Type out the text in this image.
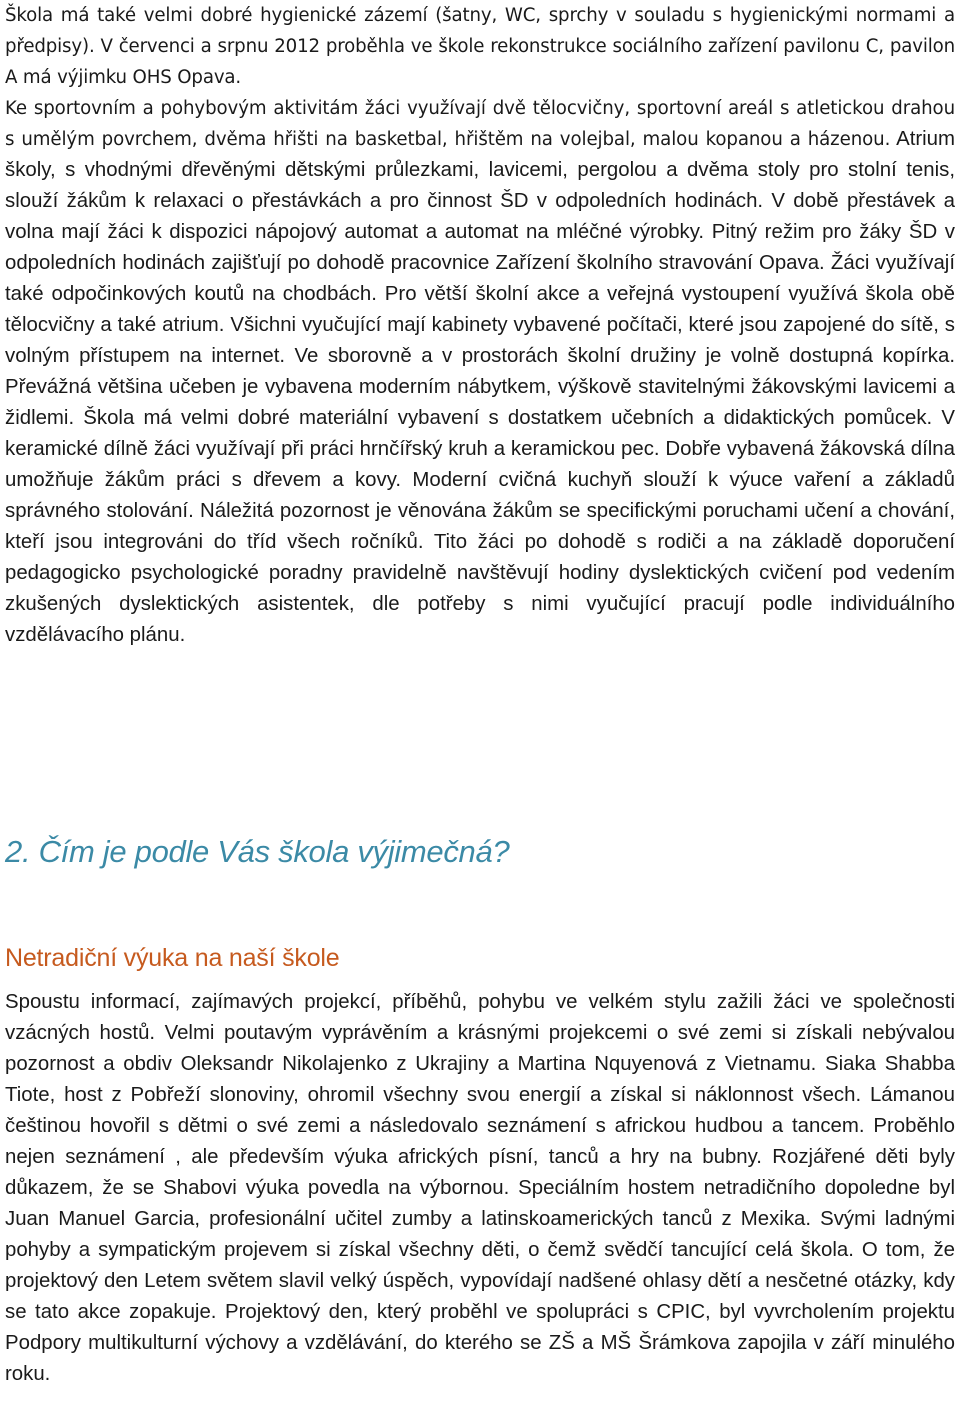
Škola má také velmi dobré hygienické zázemí (šatny, WC, sprchy v souladu s hygienickými normami a předpisy). V červenci a srpnu 2012 proběhla ve škole rekonstrukce sociálního zařízení pavilonu C, pavilon A má výjimku OHS Opava.

Ke sportovním a pohybovým aktivitám žáci využívají dvě tělocvičny, sportovní areál s atletickou drahou s umělým povrchem, dvěma hřišti na basketbal, hřištěm na volejbal, malou kopanou a házenou. Atrium školy, s vhodnými dřevěnými dětskými průlezkami, lavicemi, pergolou a dvěma stoly pro stolní tenis, slouží žákům k relaxaci o přestávkách a pro činnost ŠD v odpoledních hodinách. V době přestávek a volna mají žáci k dispozici nápojový automat a automat na mléčné výrobky. Pitný režim pro žáky ŠD v odpoledních hodinách zajišťují po dohodě pracovnice Zařízení školního stravování Opava. Žáci využívají také odpočinkových koutů na chodbách. Pro větší školní akce a veřejná vystoupení využívá škola obě tělocvičny a také atrium. Všichni vyučující mají kabinety vybavené počítači, které jsou zapojené do sítě, s volným přístupem na internet. Ve sborovně a v prostorách školní družiny je volně dostupná kopírka. Převážná většina učeben je vybavena moderním nábytkem, výškově stavitelnými žákovskými lavicemi a židlemi. Škola má velmi dobré materiální vybavení s dostatkem učebních a didaktických pomůcek. V keramické dílně žáci využívají při práci hrnčířský kruh a keramickou pec. Dobře vybavená žákovská dílna umožňuje žákům práci s dřevem a kovy. Moderní cvičná kuchyň slouží k výuce vaření a základů správného stolování. Náležitá pozornost je věnována žákům se specifickými poruchami učení a chování, kteří jsou integrováni do tříd všech ročníků. Tito žáci po dohodě s rodiči a na základě doporučení pedagogicko psychologické poradny pravidelně navštěvují hodiny dyslektických cvičení pod vedením zkušených dyslektických asistentek, dle potřeby s nimi vyučující pracují podle individuálního vzdělávacího plánu.

2. Čím je podle Vás škola výjimečná?
Netradiční výuka na naší škole

Spoustu informací, zajímavých projekcí, příběhů, pohybu ve velkém stylu zažili žáci ve společnosti vzácných hostů. Velmi poutavým vyprávěním a krásnými projekcemi o své zemi si získali nebývalou pozornost a obdiv Oleksandr Nikolajenko z Ukrajiny a Martina Nquyenová z Vietnamu. Siaka Shabba Tiote, host z Pobřeží slonoviny, ohromil všechny svou energií a získal si náklonnost všech. Lámanou češtinou hovořil s dětmi o své zemi a následovalo seznámení s africkou hudbou a tancem. Proběhlo nejen seznámení , ale především výuka afrických písní, tanců a hry na bubny. Rozjářené děti byly důkazem, že se Shabovi výuka povedla na výbornou. Speciálním hostem netradičního dopoledne byl Juan Manuel Garcia, profesionální učitel zumby a latinskoamerických tanců z Mexika. Svými ladnými pohyby a sympatickým projevem si získal všechny děti, o čemž svědčí tancující celá škola. O tom, že projektový den Letem světem slavil velký úspěch, vypovídají nadšené ohlasy dětí a nesčetné otázky, kdy se tato akce zopakuje. Projektový den, který proběhl ve spolupráci s CPIC, byl vyvrcholením projektu Podpory multikulturní výchovy a vzdělávání, do kterého se ZŠ a MŠ Šrámkova zapojila v září minulého roku.
